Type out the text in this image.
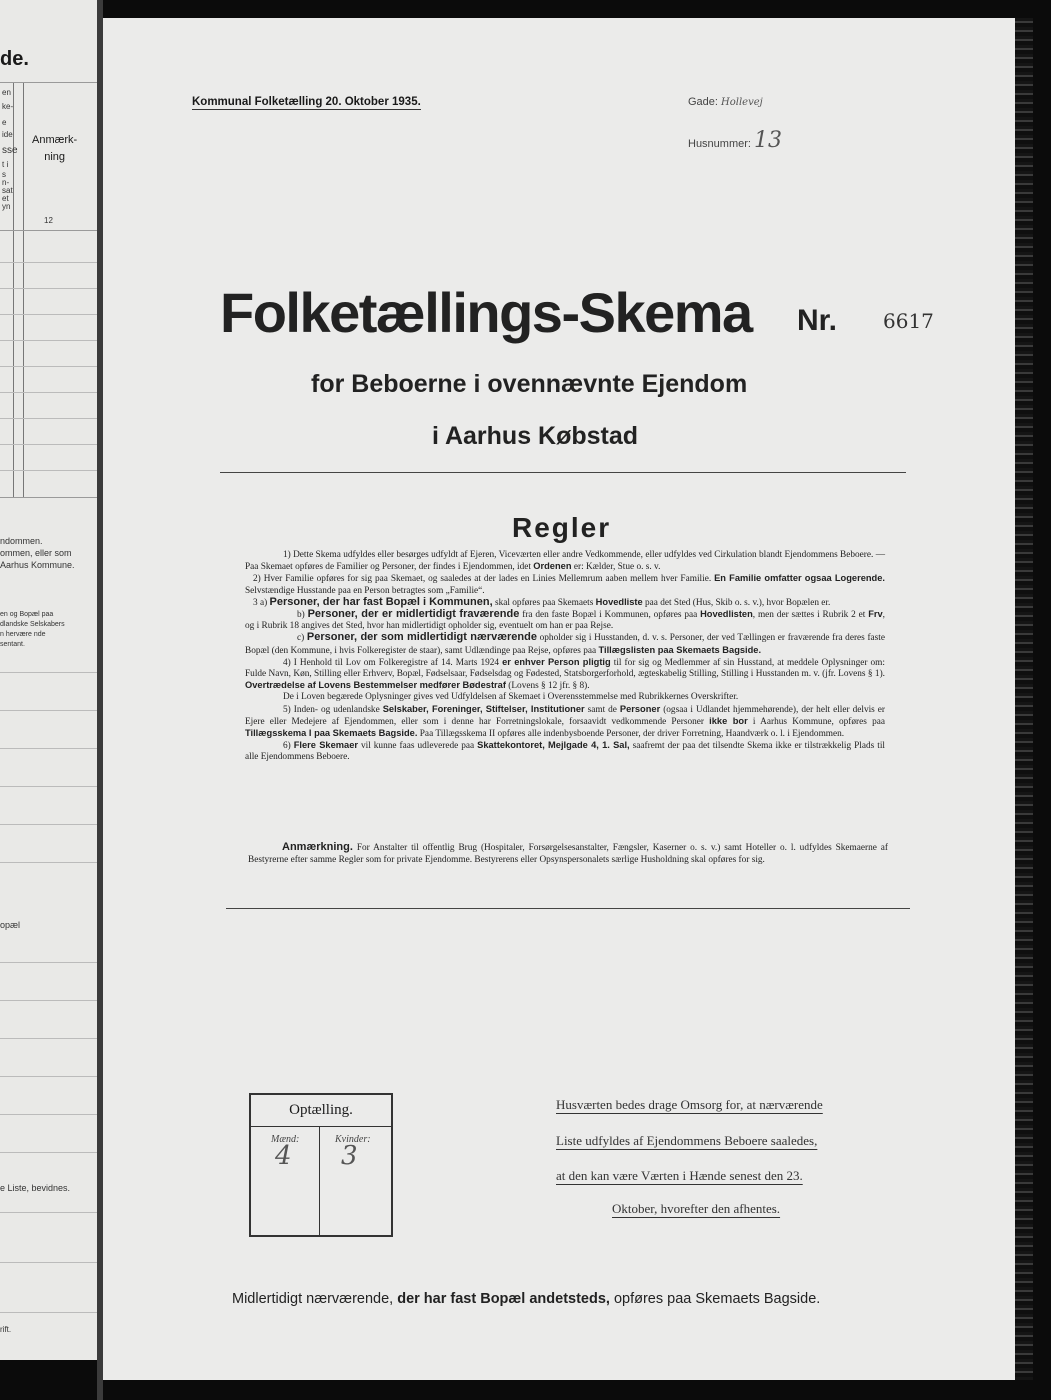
de.
en
ke-
e
ide
sse
t i
s
n-
sat
et
yn
Anmærk-
ning
12
ndommen.
ommen, eller som
Aarhus Kommune.
en og Bopæl paa
dlandske Selskabers
n hervære nde
sentant.
opæl
e Liste, bevidnes.
rift.
Kommunal Folketælling 20. Oktober 1935.	Gade: Hollevej
Husnummer: 13
Folketællings-Skema Nr. 6617
for Beboerne i ovennævnte Ejendom
i Aarhus Købstad
Regler

1) Dette Skema udfyldes eller besørges udfyldt af Ejeren, Viceværten eller andre Vedkommende, eller udfyldes ved Cirkulation blandt Ejendommens Beboere. — Paa Skemaet opføres de Familier og Personer, der findes i Ejendommen, idet Ordenen er: Kælder, Stue o. s. v.

2) Hver Familie opføres for sig paa Skemaet, og saaledes at der lades en Linies Mellemrum aaben mellem hver Familie. En Familie omfatter ogsaa Logerende. Selvstændige Husstande paa en Person betragtes som „Familie“.

3 a) Personer, der har fast Bopæl i Kommunen, skal opføres paa Skemaets Hovedliste paa det Sted (Hus, Skib o. s. v.), hvor Bopælen er.

b) Personer, der er midlertidigt fraværende fra den faste Bopæl i Kommunen, opføres paa Hovedlisten, men der sættes i Rubrik 2 et Frv, og i Rubrik 18 angives det Sted, hvor han midlertidigt opholder sig, eventuelt om han er paa Rejse.

c) Personer, der som midlertidigt nærværende opholder sig i Husstanden, d. v. s. Personer, der ved Tællingen er fraværende fra deres faste Bopæl (den Kommune, i hvis Folkeregister de staar), samt Udlændinge paa Rejse, opføres paa Tillægslisten paa Skemaets Bagside.

4) I Henhold til Lov om Folkeregistre af 14. Marts 1924 er enhver Person pligtig til for sig og Medlemmer af sin Husstand, at meddele Oplysninger om: Fulde Navn, Køn, Stilling eller Erhverv, Bopæl, Fødselsaar, Fødselsdag og Fødested, Statsborgerforhold, ægteskabelig Stilling, Stilling i Husstanden m. v. (jfr. Lovens § 1). Overtrædelse af Lovens Bestemmelser medfører Bødestraf (Lovens § 12 jfr. § 8).

De i Loven begærede Oplysninger gives ved Udfyldelsen af Skemaet i Overensstemmelse med Rubrikkernes Overskrifter.

5) Inden- og udenlandske Selskaber, Foreninger, Stiftelser, Institutioner samt de Personer (ogsaa i Udlandet hjemmehørende), der helt eller delvis er Ejere eller Medejere af Ejendommen, eller som i denne har Forretningslokale, forsaavidt vedkommende Personer ikke bor i Aarhus Kommune, opføres paa Tillægsskema I paa Skemaets Bagside. Paa Tillægsskema II opføres alle indenbysboende Personer, der driver Forretning, Haandværk o. l. i Ejendommen.

6) Flere Skemaer vil kunne faas udleverede paa Skattekontoret, Mejlgade 4, 1. Sal, saafremt der paa det tilsendte Skema ikke er tilstrækkelig Plads til alle Ejendommens Beboere.

Anmærkning. For Anstalter til offentlig Brug (Hospitaler, Forsørgelsesanstalter, Fængsler, Kaserner o. s. v.) samt Hoteller o. l. udfyldes Skemaerne af Bestyrerne efter samme Regler som for private Ejendomme. Bestyrerens eller Opsynspersonalets særlige Husholdning skal opføres for sig.
Optælling.
Mænd:	Kvinder:
4 3
Husværten bedes drage Omsorg for, at nærværende
Liste udfyldes af Ejendommens Beboere saaledes,
at den kan være Værten i Hænde senest den 23.
Oktober, hvorefter den afhentes.
Midlertidigt nærværende, der har fast Bopæl andetsteds, opføres paa Skemaets Bagside.
